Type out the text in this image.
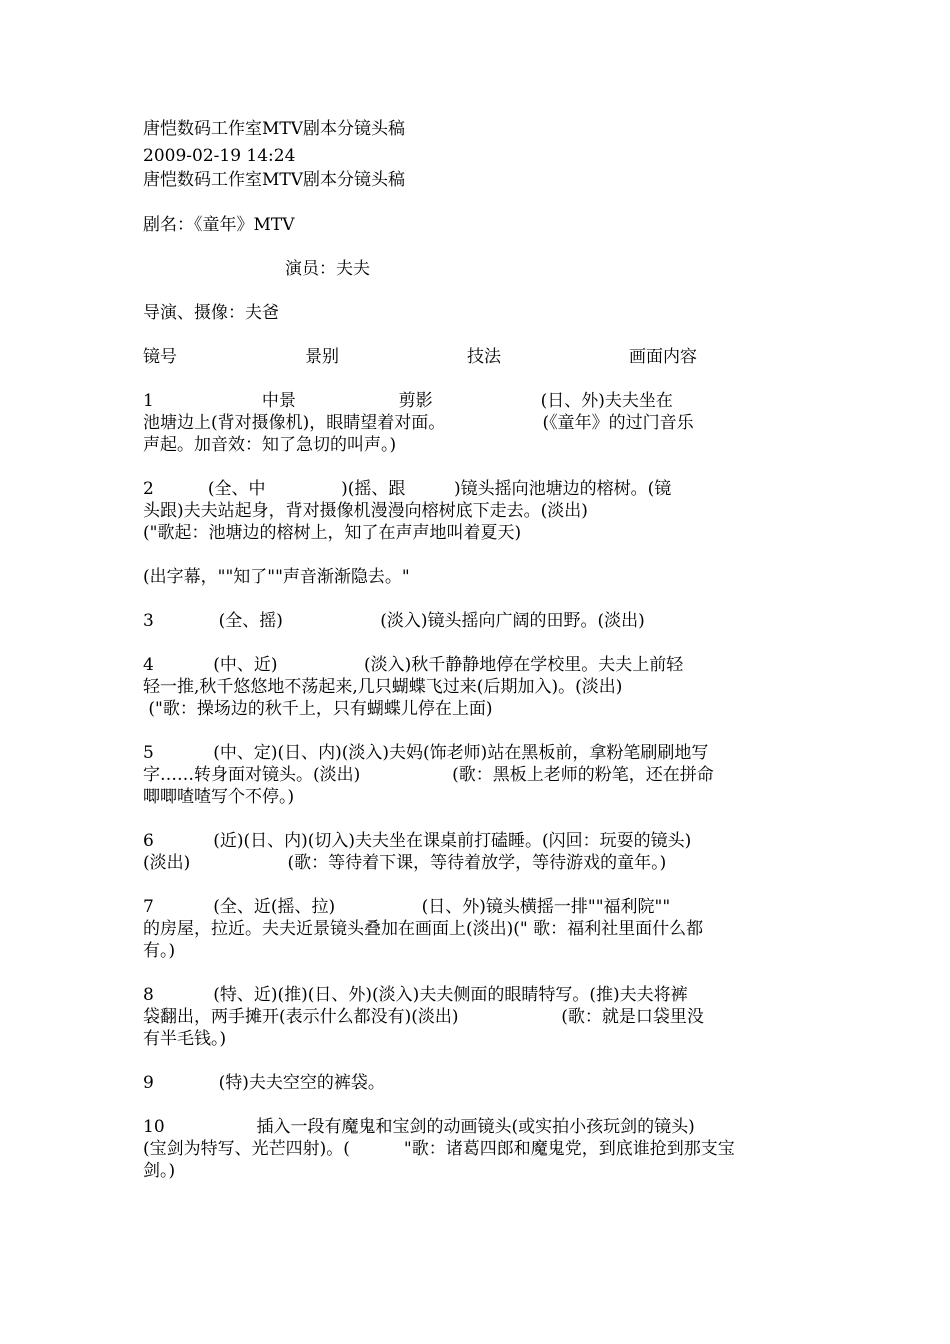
唐恺数码工作室MTV剧本分镜头稿
2009-02-19 14:24
唐恺数码工作室MTV剧本分镜头稿
剧名：《童年》MTV
演员：夫夫
导演、摄像：夫爸
镜号	景别	技法	画面内容
1                    中景                   剪影                    (日、外)夫夫坐在
池塘边上(背对摄像机)，眼睛望着对面。                  (《童年》的过门音乐
声起。加音效：知了急切的叫声。)
2          (全、中              )(摇、跟         )镜头摇向池塘边的榕树。(镜
头跟)夫夫站起身，背对摄像机漫漫向榕树底下走去。(淡出)
("歌起：池塘边的榕树上，知了在声声地叫着夏天)
(出字幕，""知了""声音渐渐隐去。"
3            (全、摇)                  (淡入)镜头摇向广阔的田野。(淡出)
4           (中、近)                (淡入)秋千静静地停在学校里。夫夫上前轻
轻一推,秋千悠悠地不荡起来,几只蝴蝶飞过来(后期加入)。(淡出)
("歌：操场边的秋千上，只有蝴蝶儿停在上面)
5           (中、定)(日、内)(淡入)夫妈(饰老师)站在黑板前，拿粉笔刷刷地写
字……转身面对镜头。(淡出)                 (歌：黑板上老师的粉笔，还在拼命
唧唧喳喳写个不停。)
6           (近)(日、内)(切入)夫夫坐在课桌前打磕睡。(闪回：玩耍的镜头)
(淡出)                  (歌：等待着下课，等待着放学，等待游戏的童年。)
7           (全、近(摇、拉)                (日、外)镜头横摇一排""福利院""
的房屋，拉近。夫夫近景镜头叠加在画面上(淡出)(" 歌：福利社里面什么都
有。)
8           (特、近)(推)(日、外)(淡入)夫夫侧面的眼睛特写。(推)夫夫将裤
袋翻出，两手摊开(表示什么都没有)(淡出)                   (歌：就是口袋里没
有半毛钱。)
9            (特)夫夫空空的裤袋。
10                 插入一段有魔鬼和宝剑的动画镜头(或实拍小孩玩剑的镜头)
(宝剑为特写、光芒四射)。(          "歌：诸葛四郎和魔鬼党，到底谁抢到那支宝
剑。)
